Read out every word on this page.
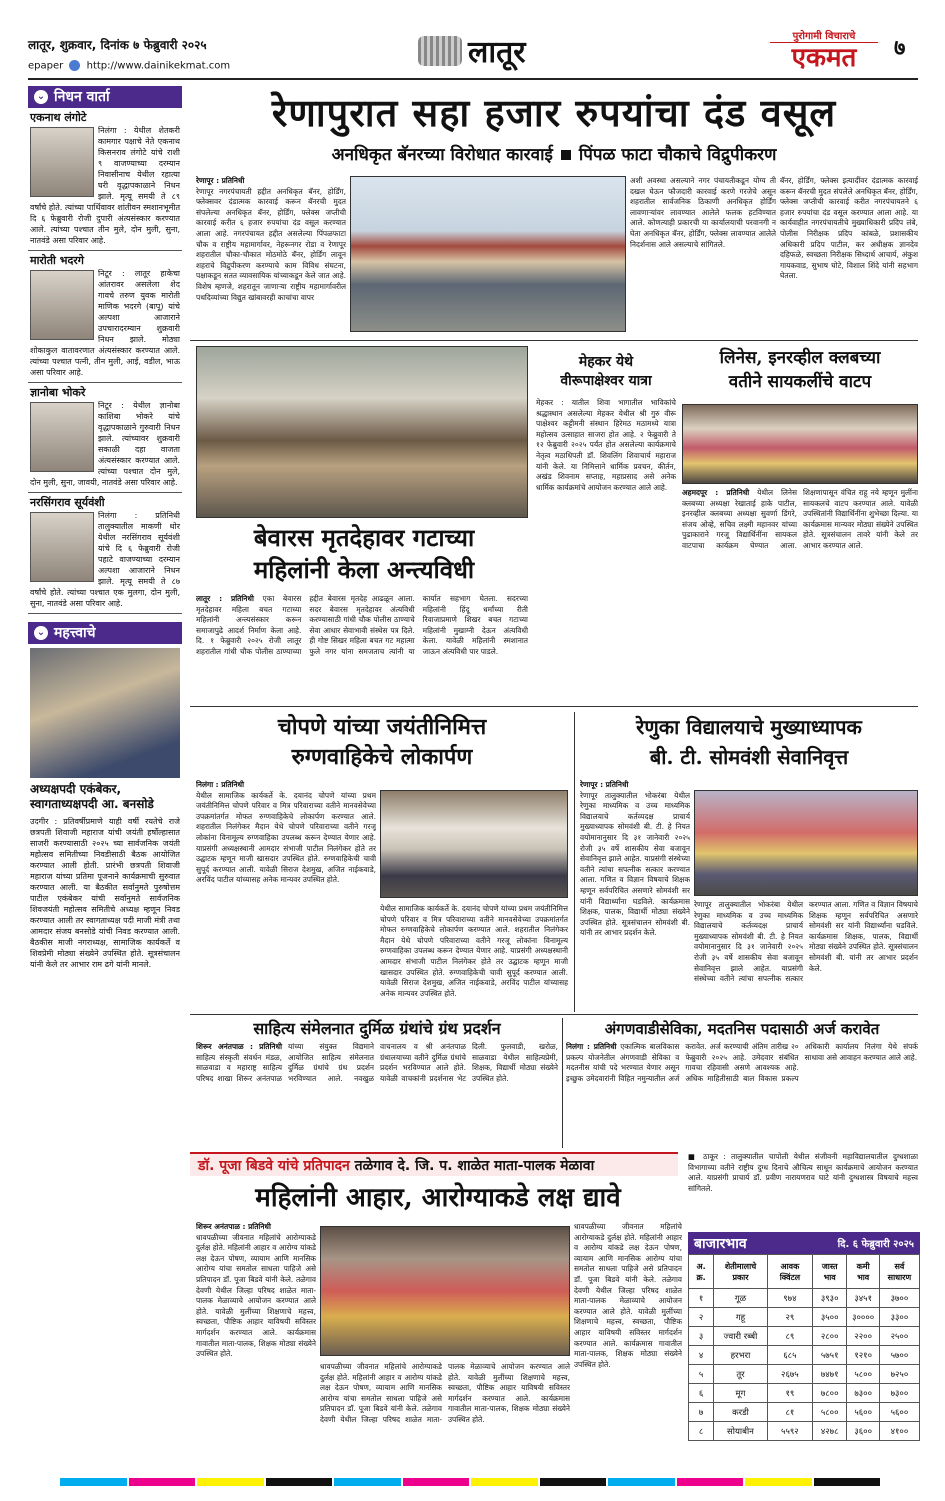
लातूर, शुक्रवार, दिनांक ७ फेब्रुवारी २०२५
epaper http://www.dainikekmat.com	लातूर	पुरोगामी विचाराचे
एकमत	७
⌄ निधन वार्ता
एकनाथ लंगोटे
निलंगा : येथील शेतकरी कामगार पक्षाचे नेते एकनाथ किसनराव लंगोटे यांचे राशी ९ वाजण्याच्या दरम्यान निवासीनाच येथील रहात्या घरी वृद्धापकाळाने निधन झाले. मृत्यू समयी ते ८९ वर्षांचे होते. त्यांच्या पार्थिवावर शांतीवन स्मशानभूमीत दि ६ फेब्रुवारी रोजी दुपारी अंत्यसंस्कार करण्यात आले. त्यांच्या पश्चात तीन मुले, दोन मुली, सुना, नातवंडे असा परिवार आहे.
मारोती भदरगे
निटूर : लातूर हाकेचा आंतरावर असलेला शेद गावचे तरुण युवक मारोती माणिक भदरगे (बापू) यांचे अल्पशा आजाराने उपचारादरम्यान शुक्रवारी निधन झाले. मोठ्या शोकाकुल वातावरणात अंत्यसंस्कार करण्यात आले. त्यांच्या पश्चात पत्नी, तीन मुली, आई, वडील, भाऊ असा परिवार आहे.
ज्ञानोबा भोकरे
निटूर : येथील ज्ञानोबा काशिबा भोकरे यांचे वृद्धापकाळाने गुरुवारी निधन झाले. त्यांच्यावर शुक्रवारी सकाळी दहा वाजता अंत्यसंस्कार करण्यात आले. त्यांच्या पश्चात दोन मुले, दोन मुली, सुना, जावयी, नातवंडे असा परिवार आहे.
नरसिंगराव सूर्यवंशी
निलंगा : प्रतिनिधी तालुक्यातील माकणी थोर येथील नरसिंगराव सूर्यवंशी यांचे दि ६ फेब्रुवारी रोजी पहाटे वाजण्याच्या दरम्यान अल्पशा आजाराने निधन झाले. मृत्यू समयी ते ८७ वर्षांचे होते. त्यांच्या पश्चात एक मुलगा, दोन मुली, सुना, नातवंडे असा परिवार आहे.
⌄ महत्त्वाचे
अध्यक्षपदी एकंबेकर, स्वागताध्यक्षपदी आ. बनसोडे
उदगीर : प्रतिवर्षीप्रमाणे याही वर्षी रयतेचे राजे छत्रपती शिवाजी महाराज यांची जयंती हर्षोल्हासात साजरी करण्यासाठी २०२५ च्या सार्वजनिक जयंती महोत्सव समितीच्या निवडीसाठी बैठक आयोजित करण्यात आली होती. प्रारंभी छत्रपती शिवाजी महाराज यांच्या प्रतिमा पूजनाने कार्यक्रमाची सुरुवात करण्यात आली. या बैठकीत सर्वानुमते पुरुषोत्तम पाटील एकंबेकर यांची सर्वानुमते सार्वजनिक शिवजयंती महोत्सव समितीचे अध्यक्ष म्हणून निवड करण्यात आली तर स्वागताध्यक्ष पदी माजी मंत्री तथा आमदार संजय बनसोडे यांची निवड करण्यात आली. बैठकीस माजी नगराध्यक्ष, सामाजिक कार्यकर्ते व शिवप्रेमी मोठ्या संख्येने उपस्थित होते. सूत्रसंचालन यांनी केले तर आभार राम ढगे यांनी मानले.
रेणापुरात सहा हजार रुपयांचा दंड वसूल
अनधिकृत बॅनरच्या विरोधात कारवाई पिंपळ फाटा चौकाचे विद्रुपीकरण
रेणापूर : प्रतिनिधी
रेणापूर नगरपंचायती हद्दीत अनधिकृत बॅनर, होर्डिंग, फ्लेक्सवर दंडात्मक कारवाई करून बॅनरची मुदत संपलेल्या अनधिकृत बॅनर, होर्डिंग, फ्लेक्स जप्तीची कारवाई करीत ६ हजार रुपयांचा दंड वसूल करण्यात आला आहे. नगरपंचायत हद्दीत असलेल्या पिंपळफाटा चौक व राष्ट्रीय महामार्गावर, नेहरूनगर रोडा व रेणापूर शहरातील चौका-चौकात मोठमोठे बॅनर, होर्डिंग लावून शहराचे विद्रुपीकरण करण्याचे काम विविध संघटना, पक्षाकडून सतत व्यावसायिक यांच्याकडून केले जात आहे. विशेष म्हणजे, शहरातून जाणाऱ्या राष्ट्रीय महामार्गावरील पथदिव्यांच्या विद्युत खांबावरही काचांचा वापर
अशी अवस्था असल्याने नगर पंचायतीकडून योग्य ती दखल घेऊन फौजदारी कारवाई करणे गरजेचे असून शहरातील सार्वजनिक ठिकाणी अनधिकृत होर्डिंग लावणाऱ्यांवर लावण्यात आलेले फलक हटविण्यात आले. कोणत्याही प्रकारची या कार्यालयाची परवानगी न घेता अनधिकृत बॅनर, होर्डिंग, फ्लेक्स लावण्यात आलेले निदर्शनास आले असल्याचे सांगितले.
बॅनर, होर्डिंग, फ्लेक्स इत्यादींवर दंडात्मक कारवाई करून बॅनरची मुदत संपलेले अनधिकृत बॅनर, होर्डिंग, फ्लेक्स जप्तीची कारवाई करीत नगरपंचायतने ६ हजार रुपयांचा दंड वसूल करण्यात आला आहे. या कार्यवाहीत नगरपंचायतीचे मुख्याधिकारी प्रदिप लंबे, पोलीस निरीक्षक प्रदिप कांबळे, प्रशासकीय अधिकारी प्रदिप पाटील, कर अधीक्षक ज्ञानदेव दहिफळे, स्वच्छता निरीक्षक सिध्दार्थ आचार्य, अंकुश गायकवाड, सुभाष घोटे, विशाल शिंदे यांनी सहभाग घेतला.
मेहकर येथे
वीरूपाक्षेश्वर यात्रा
मेहकर : यातील शिवा भागातील भाविकांचे श्रद्धास्थान असलेल्या मेहकर येथील श्री गुरु वीरू पाक्षेश्वर कट्टीमनी संस्थान हिरेमठ मठामध्ये यात्रा महोत्सव उत्साहात साजरा होत आहे. २ फेब्रुवारी ते १२ फेब्रुवारी २०२५ पर्यंत होत असलेल्या कार्यक्रमाचे नेतृत्व मठाधिपती डॉ. शिवलिंग शिवाचार्य महाराज यांनी केले. या निमित्ताने धार्मिक प्रवचन, कीर्तन, अखंड शिवनाम सप्ताह, महाप्रसाद असे अनेक धार्मिक कार्यक्रमांचे आयोजन करण्यात आले आहे.
बेवारस मृतदेहावर गटाच्या
महिलांनी केला अन्त्यविधी
लातूर : प्रतिनिधी एका बेवारस मृतदेहावर महिला बचत गटाच्या महिलांनी अन्त्यसंस्कार करून समाजापुढे आदर्श निर्माण केला आहे. दि. १ फेब्रुवारी २०२५ रोजी लातूर शहरातील गांधी चौक पोलीस ठाण्याच्या हद्दीत बेवारस मृतदेह आढळून आला. सदर बेवारस मृतदेहावर अंत्यविधी करण्यासाठी गांधी चौक पोलीस ठाण्याचे सेवा आधार सेवाभावी संस्थेस पत्र दिले. ही गोष्ट सिखर महिला बचत गट महात्मा फुले नगर यांना समजताच त्यांनी या कार्यात सहभाग घेतला. सदरच्या महिलांनी हिंदू धर्मांच्या रीती रिवाजाप्रमाणे शिखर बचत गटाच्या महिलांनी मुखाग्नी देऊन अंत्यविधी केला. यावेळी महिलांनी स्मशानात जाऊन अंत्यविधी पार पाडले.
लिनेस, इनरव्हील क्लबच्या
वतीने सायकलींचे वाटप
अहमदपूर : प्रतिनिधी येथील लिनेस क्लबच्या अध्यक्षा रेखाताई हाके पाटील, इनरव्हील क्लबच्या अध्यक्षा सुवर्णा डिंगरे, संजय ओव्हे, सचिव लक्ष्मी महानवर यांच्या पुढाकाराने गरजू विद्यार्थिनींना सायकल वाटपाचा कार्यक्रम घेण्यात आला. शिक्षणापासून वंचित राहू नये म्हणून मुलींना सायकलचे वाटप करण्यात आले. यावेळी उपस्थितांनी विद्यार्थिनींना शुभेच्छा दिल्या. या कार्यक्रमास मान्यवर मोठ्या संख्येने उपस्थित होते. सूत्रसंचालन तावरे यांनी केले तर आभार करण्यात आले.
चोपणे यांच्या जयंतीनिमित्त
रुग्णवाहिकेचे लोकार्पण
निलंगा : प्रतिनिधी
येथील सामाजिक कार्यकर्ते के. दयानंद चोपणे यांच्या प्रथम जयंतीनिमित्त चोपणे परिवार व मित्र परिवाराच्या वतीने मानवसेवेच्या उपक्रमांतर्गत मोफत रुग्णवाहिकेचे लोकार्पण करण्यात आले. शहरातील निलंगेकर मैदान येथे चोपणे परिवाराच्या वतीने गरजू लोकांना विनामूल्य रुग्णवाहिका उपलब्ध करून देण्यात येणार आहे. याप्रसंगी अध्यक्षस्थानी आमदार संभाजी पाटील निलंगेकर होते तर उद्घाटक म्हणून माजी खासदार उपस्थित होते. रुग्णवाहिकेची चावी सुपूर्द करण्यात आली. यावेळी सिराज देशमुख, अजित नाईकवाडे, अरविंद पाटील यांच्यासह अनेक मान्यवर उपस्थित होते.
येथील सामाजिक कार्यकर्ते के. दयानंद चोपणे यांच्या प्रथम जयंतीनिमित्त चोपणे परिवार व मित्र परिवाराच्या वतीने मानवसेवेच्या उपक्रमांतर्गत मोफत रुग्णवाहिकेचे लोकार्पण करण्यात आले. शहरातील निलंगेकर मैदान येथे चोपणे परिवाराच्या वतीने गरजू लोकांना विनामूल्य रुग्णवाहिका उपलब्ध करून देण्यात येणार आहे. याप्रसंगी अध्यक्षस्थानी आमदार संभाजी पाटील निलंगेकर होते तर उद्घाटक म्हणून माजी खासदार उपस्थित होते. रुग्णवाहिकेची चावी सुपूर्द करण्यात आली. यावेळी सिराज देशमुख, अजित नाईकवाडे, अरविंद पाटील यांच्यासह अनेक मान्यवर उपस्थित होते.
रेणुका विद्यालयाचे मुख्याध्यापक
बी. टी. सोमवंशी सेवानिवृत्त
रेणापूर : प्रतिनिधी
रेणापूर तालुक्यातील भोकरंबा येथील रेणुका माध्यमिक व उच्च माध्यमिक विद्यालयाचे कर्तव्यदक्ष प्राचार्य मुख्याध्यापक सोमवंशी बी. टी. हे नियत वयोमानानुसार दि ३१ जानेवारी २०२५ रोजी ३५ वर्षे शासकीय सेवा बजावून सेवानिवृत्त झाले आहेत. याप्रसंगी संस्थेच्या वतीने त्यांचा सपत्नीक सत्कार करण्यात आला. गणित व विज्ञान विषयाचे शिक्षक म्हणून सर्वपरिचित असणारे सोमवंशी सर यांनी विद्यार्थ्यांना घडविले. कार्यक्रमास शिक्षक, पालक, विद्यार्थी मोठ्या संख्येने उपस्थित होते. सूत्रसंचालन सोमवंशी बी. यांनी तर आभार प्रदर्शन केले.
रेणापूर तालुक्यातील भोकरंबा येथील रेणुका माध्यमिक व उच्च माध्यमिक विद्यालयाचे कर्तव्यदक्ष प्राचार्य मुख्याध्यापक सोमवंशी बी. टी. हे नियत वयोमानानुसार दि ३१ जानेवारी २०२५ रोजी ३५ वर्षे शासकीय सेवा बजावून सेवानिवृत्त झाले आहेत. याप्रसंगी संस्थेच्या वतीने त्यांचा सपत्नीक सत्कार करण्यात आला. गणित व विज्ञान विषयाचे शिक्षक म्हणून सर्वपरिचित असणारे सोमवंशी सर यांनी विद्यार्थ्यांना घडविले. कार्यक्रमास शिक्षक, पालक, विद्यार्थी मोठ्या संख्येने उपस्थित होते. सूत्रसंचालन सोमवंशी बी. यांनी तर आभार प्रदर्शन केले.
साहित्य संमेलनात दुर्मिळ ग्रंथांचे ग्रंथ प्रदर्शन	अंगणवाडीसेविका, मदतनिस पदासाठी अर्ज करावेत
शिरूर अनंतपाळ : प्रतिनिधी साहित्य संस्कृती संवर्धन मंडळ, साळवाडा व महाराष्ट्र साहित्य परिषद शाखा शिरूर अनंतपाळ यांच्या संयुक्त विद्यमाने आयोजित साहित्य संमेलनात दुर्मिळ ग्रंथांचे ग्रंथ प्रदर्शन भरविण्यात आले. नवखुळ वाचनालय व श्री अनंतपाळ ग्रंथालयाच्या वतीने दुर्मिळ ग्रंथांचे प्रदर्शन भरविण्यात आले होते. यावेळी वाचकांनी प्रदर्शनास भेट दिली. फुलवाडी, खरोळ, साळवाडा येथील साहित्यप्रेमी, शिक्षक, विद्यार्थी मोठ्या संख्येने उपस्थित होते.
निलंगा : प्रतिनिधी एकात्मिक बालविकास प्रकल्प योजनेतील अंगणवाडी सेविका व मदतनीस यांची पदे भरण्यात येणार असून इच्छुक उमेदवारांनी विहित नमुन्यातील अर्ज करावेत. अर्ज करण्याची अंतिम तारीख २० फेब्रुवारी २०२५ आहे. उमेदवार संबंधित गावचा रहिवासी असणे आवश्यक आहे. अधिक माहितीसाठी बाल विकास प्रकल्प अधिकारी कार्यालय निलंगा येथे संपर्क साधावा असे आवाहन करण्यात आले आहे.
डॉ. पूजा बिडवे यांचे प्रतिपादन तळेगाव दे. जि. प. शाळेत माता-पालक मेळावा
महिलांनी आहार, आरोग्याकडे लक्ष द्यावे
शिरूर अनंतपाळ : प्रतिनिधी
धावपळीच्या जीवनात महिलांचे आरोग्याकडे दुर्लक्ष होते. महिलांनी आहार व आरोग्य यांकडे लक्ष देऊन पोषण, व्यायाम आणि मानसिक आरोग्य यांचा समतोल साधला पाहिजे असे प्रतिपादन डॉ. पूजा बिडवे यांनी केले. तळेगाव देवणी येथील जिल्हा परिषद शाळेत माता-पालक मेळाव्याचे आयोजन करण्यात आले होते. यावेळी मुलींच्या शिक्षणाचे महत्त्व, स्वच्छता, पौष्टिक आहार याविषयी सविस्तर मार्गदर्शन करण्यात आले. कार्यक्रमास गावातील माता-पालक, शिक्षक मोठ्या संख्येने उपस्थित होते.
धावपळीच्या जीवनात महिलांचे आरोग्याकडे दुर्लक्ष होते. महिलांनी आहार व आरोग्य यांकडे लक्ष देऊन पोषण, व्यायाम आणि मानसिक आरोग्य यांचा समतोल साधला पाहिजे असे प्रतिपादन डॉ. पूजा बिडवे यांनी केले. तळेगाव देवणी येथील जिल्हा परिषद शाळेत माता-पालक मेळाव्याचे आयोजन करण्यात आले होते. यावेळी मुलींच्या शिक्षणाचे महत्त्व, स्वच्छता, पौष्टिक आहार याविषयी सविस्तर मार्गदर्शन करण्यात आले. कार्यक्रमास गावातील माता-पालक, शिक्षक मोठ्या संख्येने उपस्थित होते.
धावपळीच्या जीवनात महिलांचे आरोग्याकडे दुर्लक्ष होते. महिलांनी आहार व आरोग्य यांकडे लक्ष देऊन पोषण, व्यायाम आणि मानसिक आरोग्य यांचा समतोल साधला पाहिजे असे प्रतिपादन डॉ. पूजा बिडवे यांनी केले. तळेगाव देवणी येथील जिल्हा परिषद शाळेत माता-पालक मेळाव्याचे आयोजन करण्यात आले होते. यावेळी मुलींच्या शिक्षणाचे महत्त्व, स्वच्छता, पौष्टिक आहार याविषयी सविस्तर मार्गदर्शन करण्यात आले. कार्यक्रमास गावातील माता-पालक, शिक्षक मोठ्या संख्येने उपस्थित होते.
■ ठाकूर : तालुक्यातील चापोली येथील संजीवनी महाविद्यालयातील दुग्धशाळा विभागाच्या वतीने राष्ट्रीय दुग्ध दिनाचे औचित्य साधून कार्यक्रमाचे आयोजन करण्यात आले. याप्रसंगी प्राचार्य डॉ. प्रवीण नारायणराव घाटे यांनी दुग्धशास्त्र विषयाचे महत्त्व सांगितले.
बाजारभाव	दि. ६ फेब्रुवारी २०२५
अ. क्र.	शेतीमालाचे प्रकार	आवक क्विंटल	जास्त भाव	कमी भाव	सर्व साधारण
१	गूळ	९७४	३९३०	३४५१	३७००
२	गहू	२९	३५००	३००००	३३००
३	ज्वारी रब्बी	८९	२८००	२२००	२५००
४	हरभरा	६८५	५७५१	१२१०	५७००
५	तूर	२६७५	७४७१	५८००	७२५०
६	मूग	१९	७८००	७३००	७३००
७	करडी	८१	५८००	५६००	५६००
८	सोयाबीन	५५९२	४२७८	३६००	४१००
